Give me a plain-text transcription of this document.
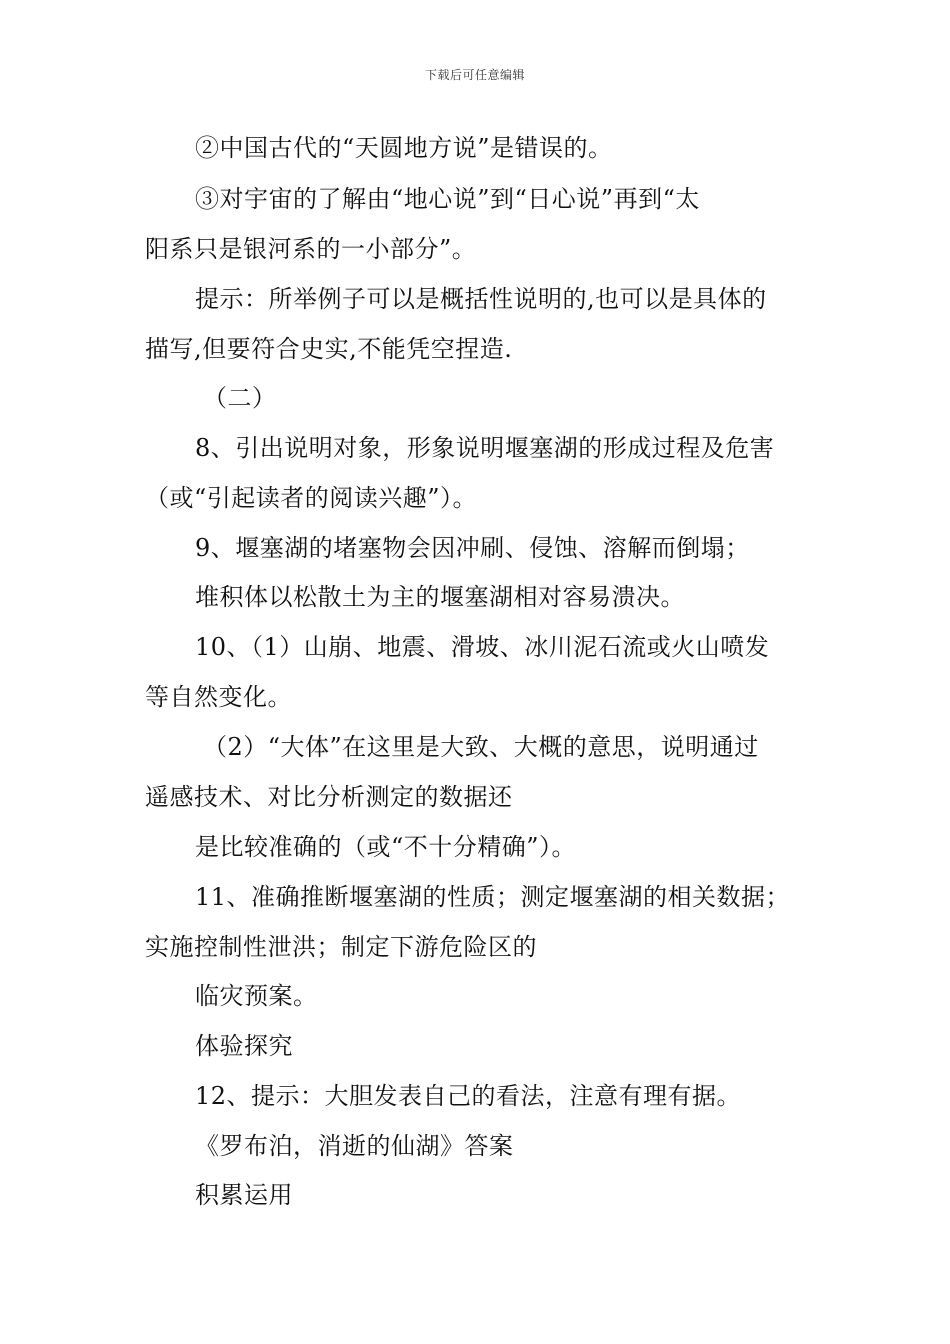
下载后可任意编辑
②中国古代的“天圆地方说”是错误的。
③对宇宙的了解由“地心说”到“日心说”再到“太
阳系只是银河系的一小部分”。
提示：所举例子可以是概括性说明的,也可以是具体的
描写,但要符合史实,不能凭空捏造.
（二）
8、引出说明对象，形象说明堰塞湖的形成过程及危害
（或“引起读者的阅读兴趣”）。
9、堰塞湖的堵塞物会因冲刷、侵蚀、溶解而倒塌；
堆积体以松散土为主的堰塞湖相对容易溃决。
10、（1）山崩、地震、滑坡、冰川泥石流或火山喷发
等自然变化。
（2）“大体”在这里是大致、大概的意思，说明通过
遥感技术、对比分析测定的数据还
是比较准确的（或“不十分精确”）。
11、准确推断堰塞湖的性质；测定堰塞湖的相关数据；
实施控制性泄洪；制定下游危险区的
临灾预案。
体验探究
12、提示：大胆发表自己的看法，注意有理有据。
《罗布泊，消逝的仙湖》答案
积累运用
